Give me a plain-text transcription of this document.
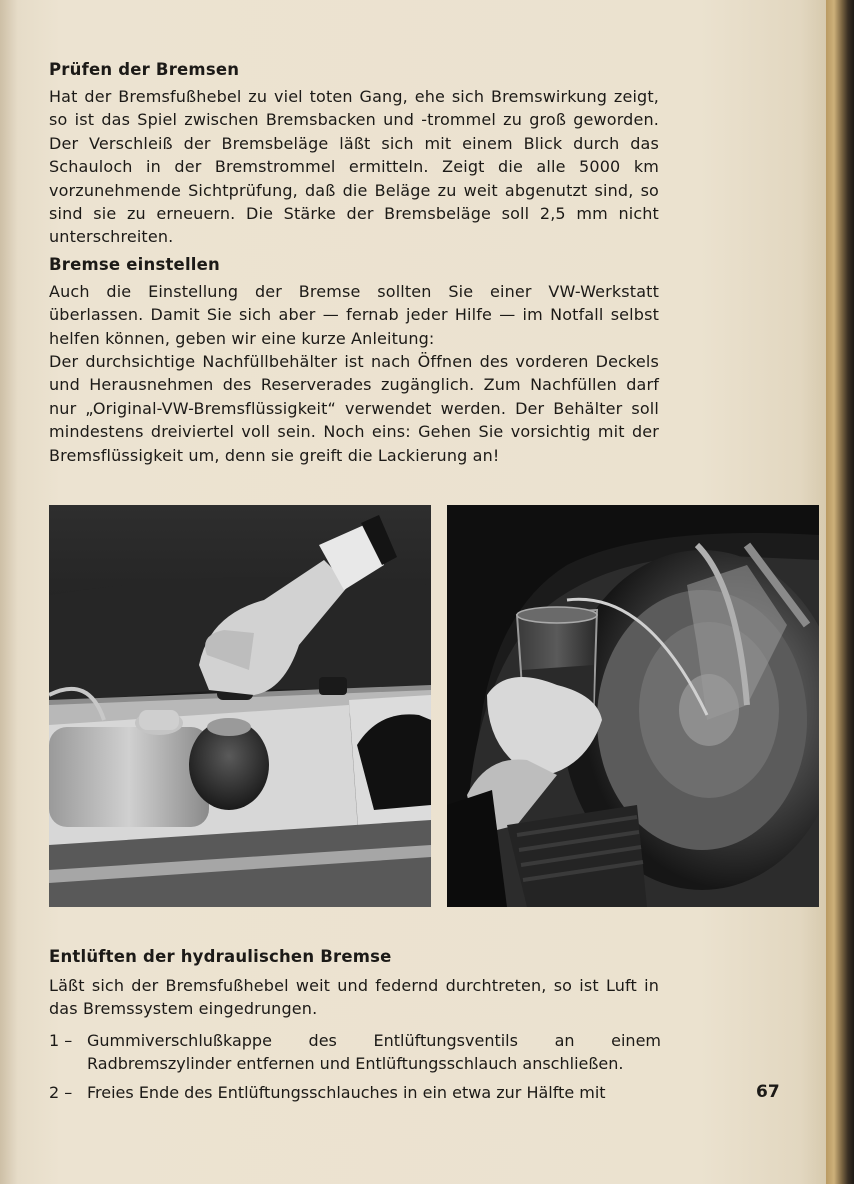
Prüfen der Bremsen
Hat der Bremsfußhebel zu viel toten Gang, ehe sich Bremswirkung zeigt, so ist das Spiel zwischen Bremsbacken und -trommel zu groß geworden. Der Verschleiß der Bremsbeläge läßt sich mit einem Blick durch das Schauloch in der Bremstrommel ermitteln. Zeigt die alle 5000 km vorzunehmende Sichtprüfung, daß die Beläge zu weit abgenutzt sind, so sind sie zu erneuern. Die Stärke der Bremsbeläge soll 2,5 mm nicht unterschreiten.
Bremse einstellen
Auch die Einstellung der Bremse sollten Sie einer VW-Werkstatt überlassen. Damit Sie sich aber — fernab jeder Hilfe — im Notfall selbst helfen können, geben wir eine kurze Anleitung:
Der durchsichtige Nachfüllbehälter ist nach Öffnen des vorderen Deckels und Herausnehmen des Reserverades zugänglich. Zum Nachfüllen darf nur „Original-VW-Bremsflüssigkeit“ verwendet werden. Der Behälter soll mindestens dreiviertel voll sein. Noch eins: Gehen Sie vorsichtig mit der Bremsflüssigkeit um, denn sie greift die Lackierung an!
Entlüften der hydraulischen Bremse
Läßt sich der Bremsfußhebel weit und federnd durchtreten, so ist Luft in das Bremssystem eingedrungen.
1 – Gummiverschlußkappe des Entlüftungsventils an einem Radbremszylinder entfernen und Entlüftungsschlauch anschließen.
2 – Freies Ende des Entlüftungsschlauches in ein etwa zur Hälfte mit	67
